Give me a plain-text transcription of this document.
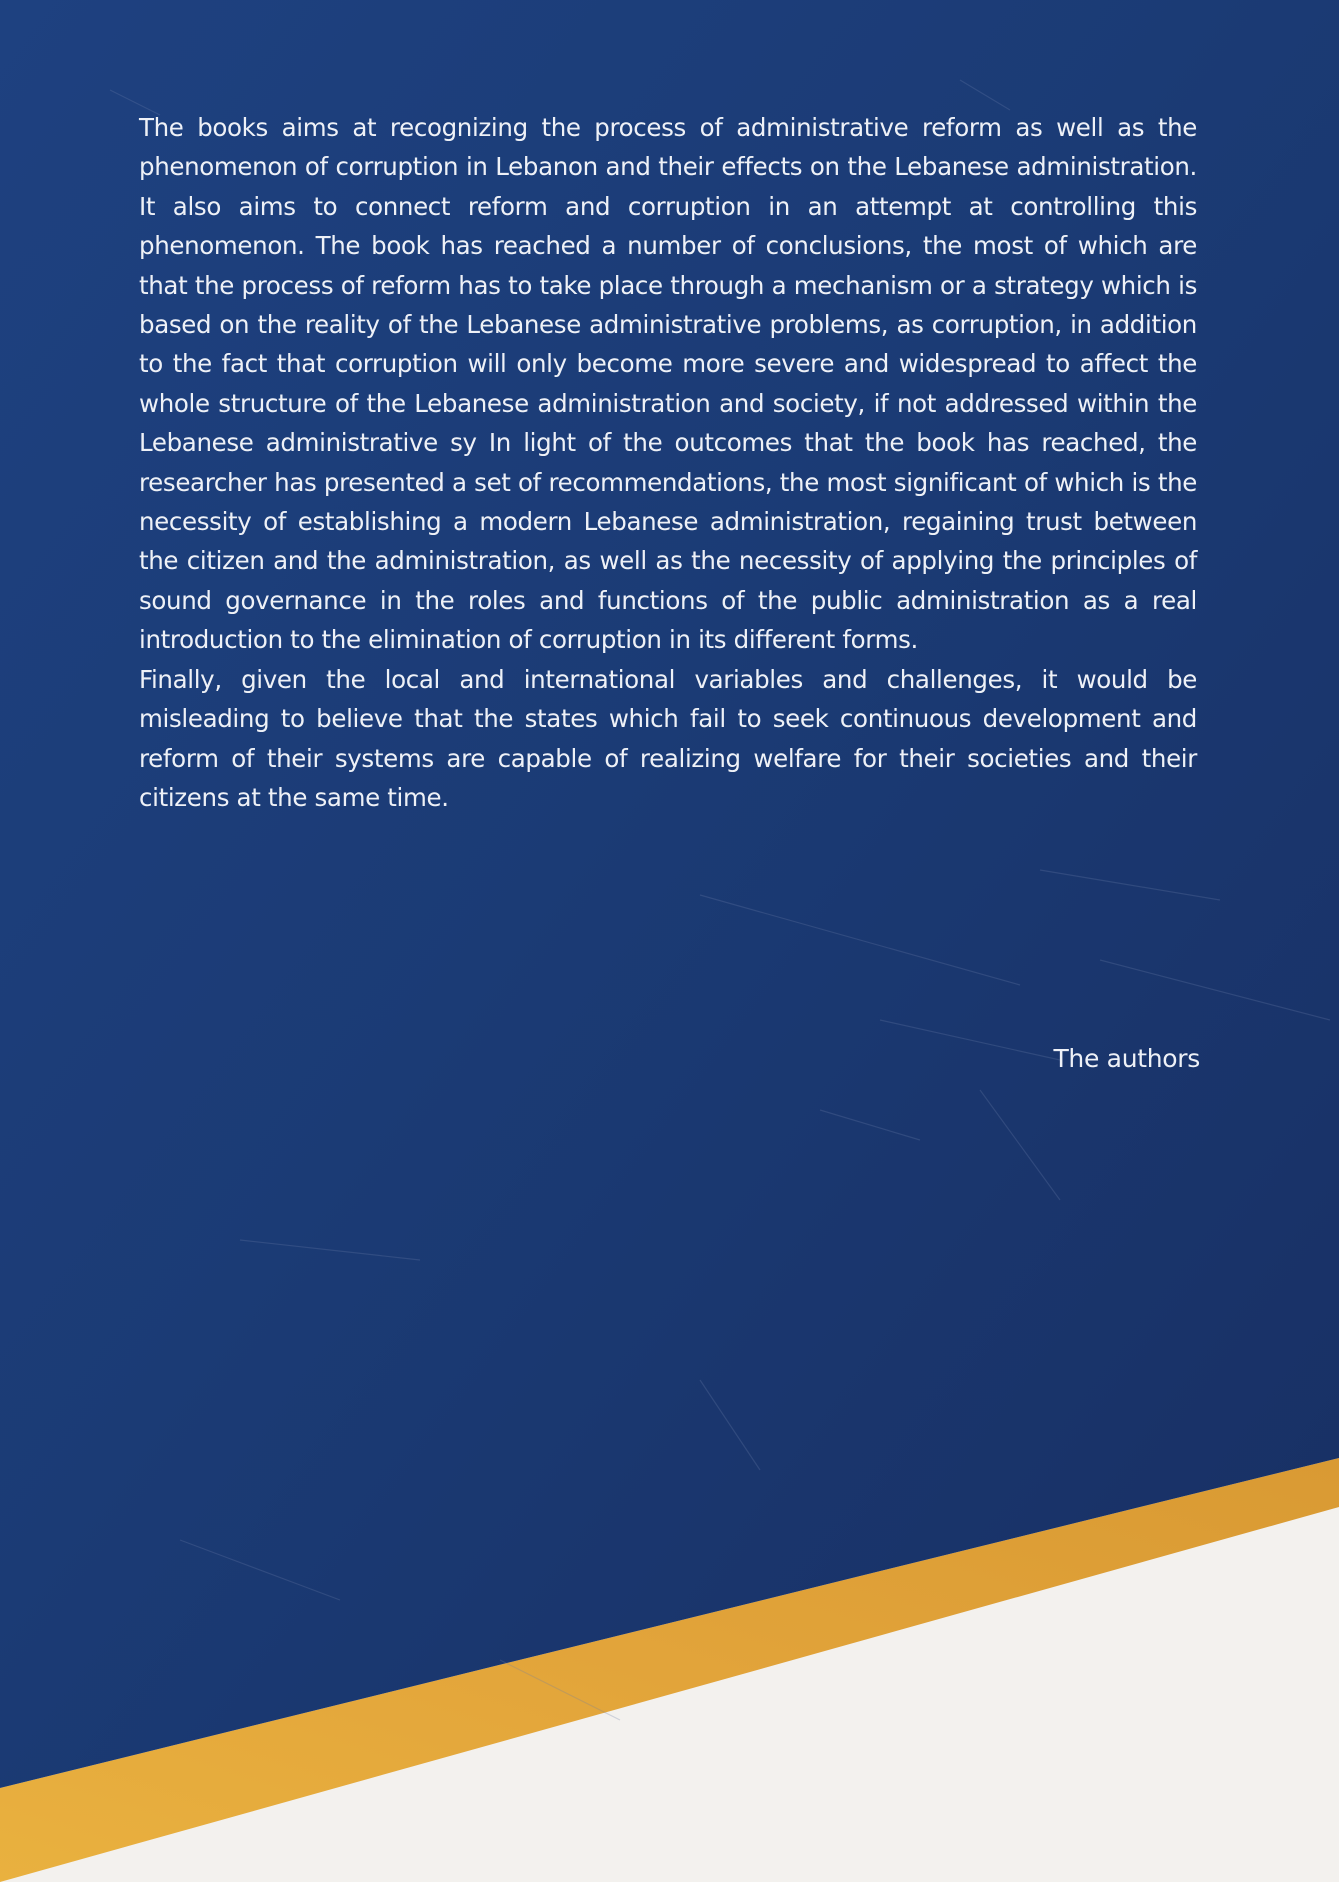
The books aims at recognizing the process of administrative reform as well as the phenomenon of corruption in Lebanon and their effects on the Lebanese administration. It also aims to connect reform and corruption in an attempt at controlling this phenomenon. The book has reached a number of conclusions, the most of which are that the process of reform has to take place through a mechanism or a strategy which is based on the reality of the Lebanese administrative problems, as corruption, in addition to the fact that corruption will only become more severe and widespread to affect the whole structure of the Lebanese administration and society, if not addressed within the Lebanese administrative sy In light of the outcomes that the book has reached, the researcher has presented a set of recommendations, the most significant of which is the necessity of establishing a modern Lebanese administration, regaining trust between the citizen and the administration, as well as the necessity of applying the principles of sound governance in the roles and functions of the public administration as a real introduction to the elimination of corruption in its different forms.

Finally, given the local and international variables and challenges, it would be misleading to believe that the states which fail to seek continuous development and reform of their systems are capable of realizing welfare for their societies and their citizens at the same time.

The authors
